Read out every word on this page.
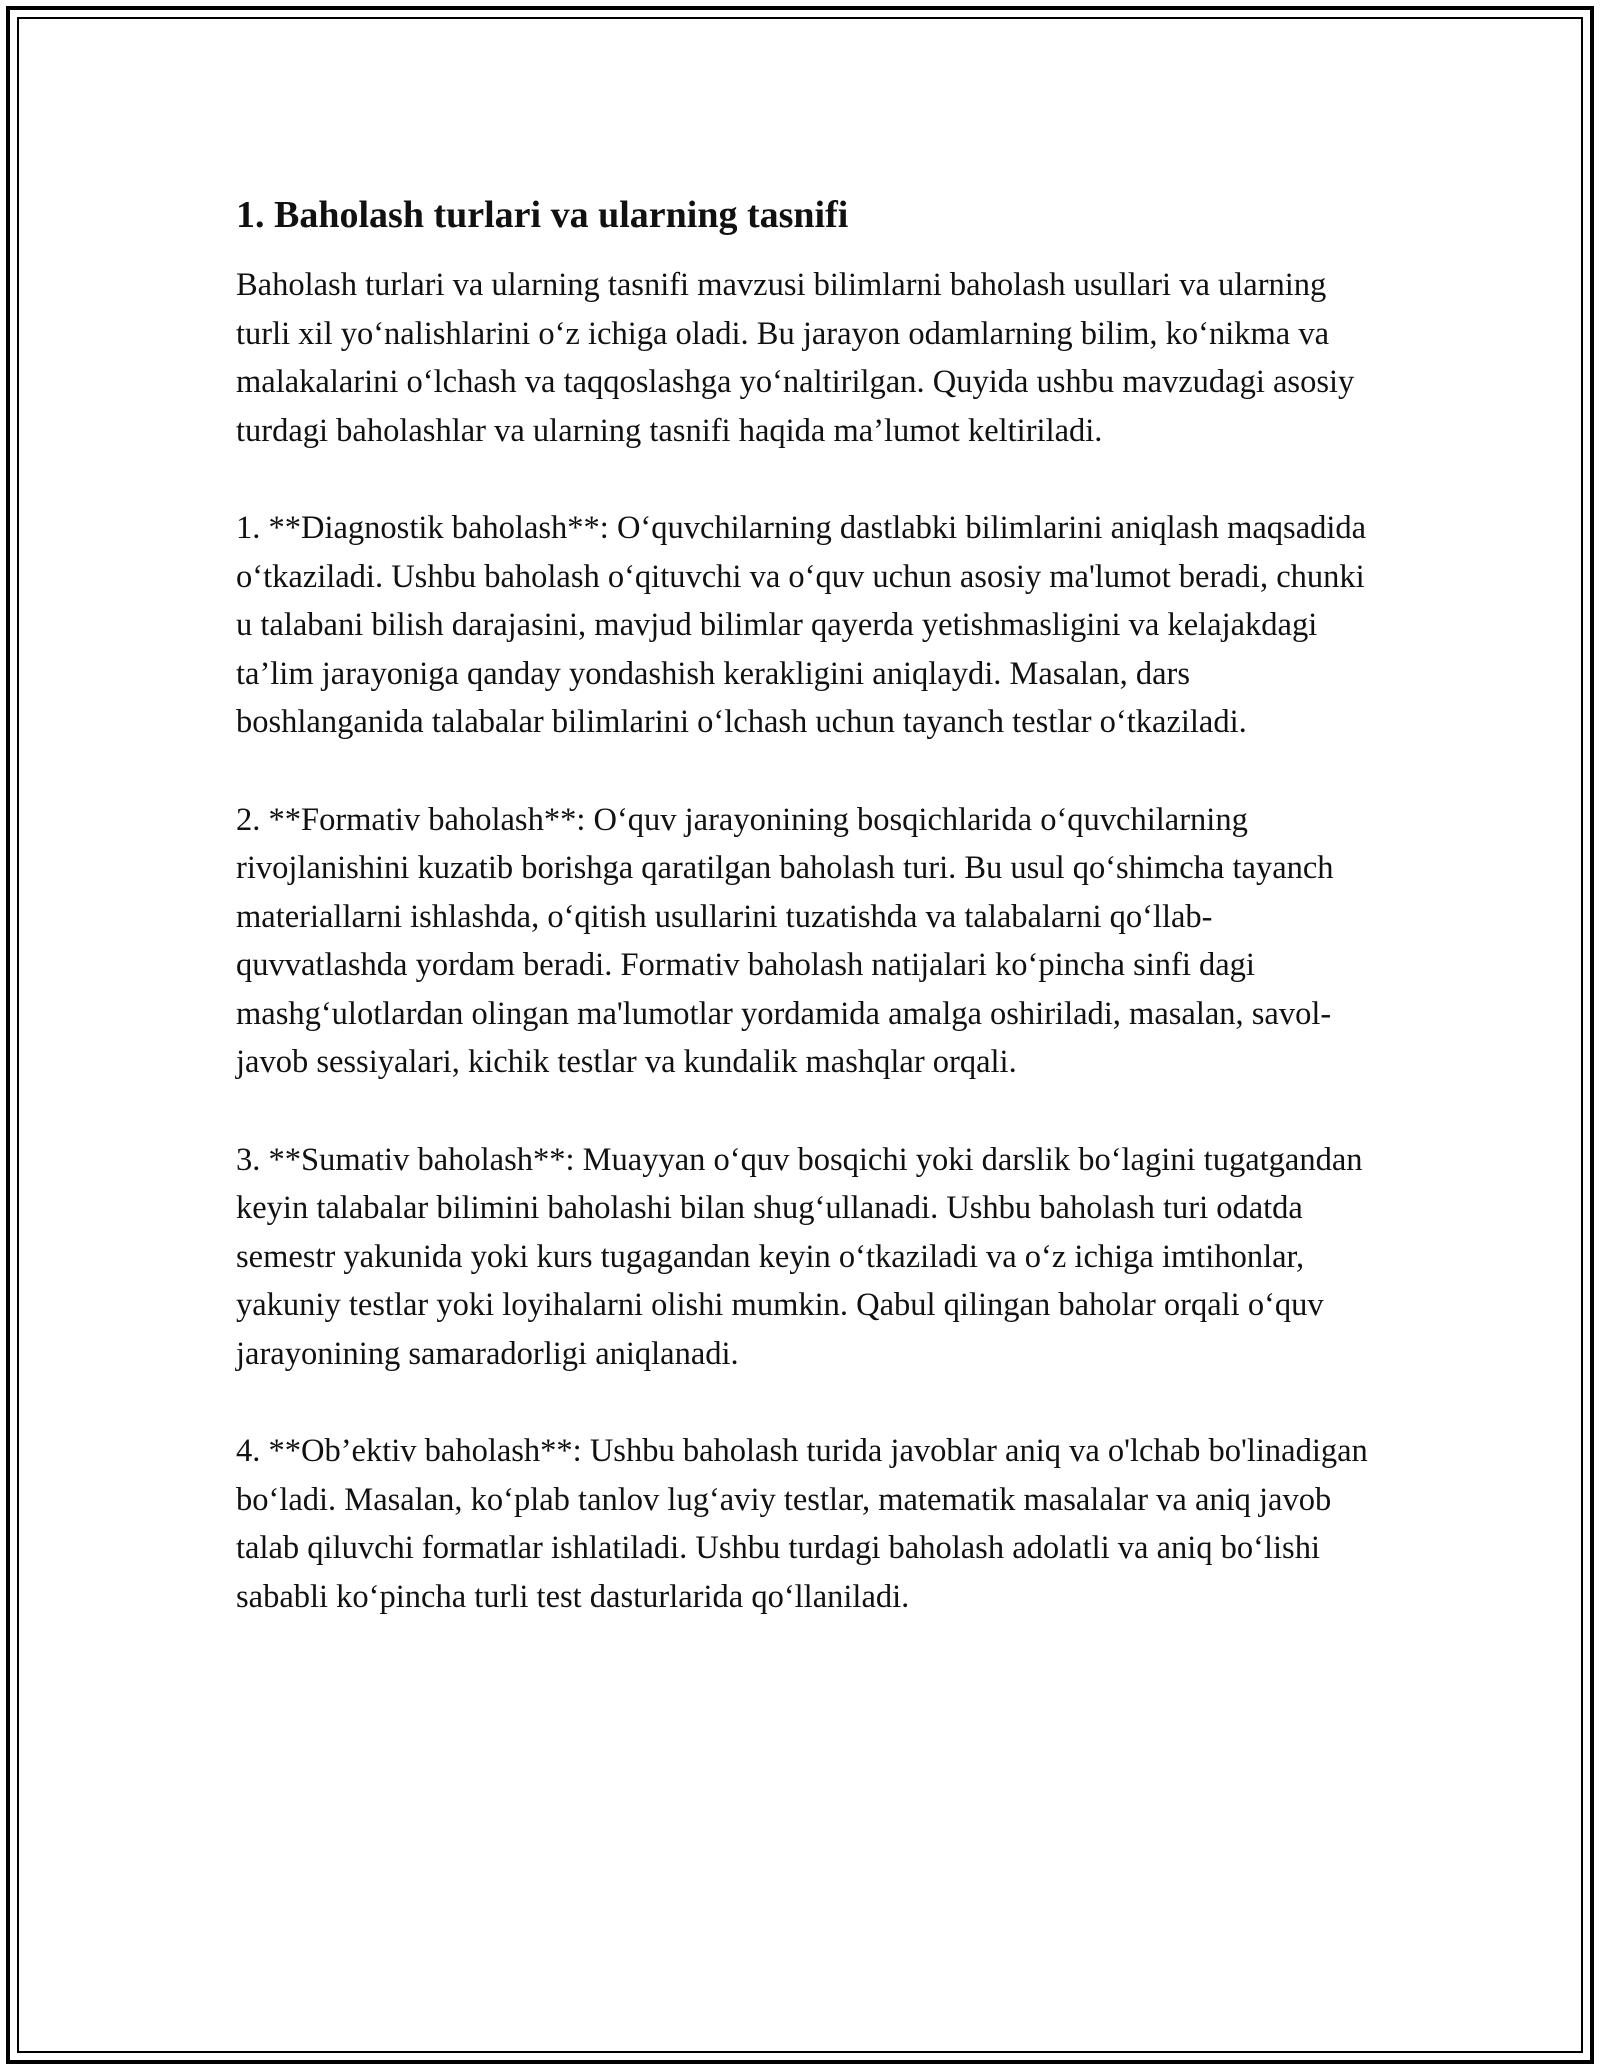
1. Baholash turlari va ularning tasnifi

Baholash turlari va ularning tasnifi mavzusi bilimlarni baholash usullari va ularning turli xil yo‘nalishlarini o‘z ichiga oladi. Bu jarayon odamlarning bilim, ko‘nikma va malakalarini o‘lchash va taqqoslashga yo‘naltirilgan. Quyida ushbu mavzudagi asosiy turdagi baholashlar va ularning tasnifi haqida ma’lumot keltiriladi.

1. **Diagnostik baholash**: O‘quvchilarning dastlabki bilimlarini aniqlash maqsadida o‘tkaziladi. Ushbu baholash o‘qituvchi va o‘quv uchun asosiy ma'lumot beradi, chunki u talabani bilish darajasini, mavjud bilimlar qayerda yetishmasligini va kelajakdagi ta’lim jarayoniga qanday yondashish kerakligini aniqlaydi. Masalan, dars boshlanganida talabalar bilimlarini o‘lchash uchun tayanch testlar o‘tkaziladi.

2. **Formativ baholash**: O‘quv jarayonining bosqichlarida o‘quvchilarning rivojlanishini kuzatib borishga qaratilgan baholash turi. Bu usul qo‘shimcha tayanch materiallarni ishlashda, o‘qitish usullarini tuzatishda va talabalarni qo‘llab-quvvatlashda yordam beradi. Formativ baholash natijalari ko‘pincha sinfi dagi mashg‘ulotlardan olingan ma'lumotlar yordamida amalga oshiriladi, masalan, savol-javob sessiyalari, kichik testlar va kundalik mashqlar orqali.

3. **Sumativ baholash**: Muayyan o‘quv bosqichi yoki darslik bo‘lagini tugatgandan keyin talabalar bilimini baholashi bilan shug‘ullanadi. Ushbu baholash turi odatda semestr yakunida yoki kurs tugagandan keyin o‘tkaziladi va o‘z ichiga imtihonlar, yakuniy testlar yoki loyihalarni olishi mumkin. Qabul qilingan baholar orqali o‘quv jarayonining samaradorligi aniqlanadi.

4. **Ob’ektiv baholash**: Ushbu baholash turida javoblar aniq va o'lchab bo'linadigan bo‘ladi. Masalan, ko‘plab tanlov lug‘aviy testlar, matematik masalalar va aniq javob talab qiluvchi formatlar ishlatiladi. Ushbu turdagi baholash adolatli va aniq bo‘lishi sababli ko‘pincha turli test dasturlarida qo‘llaniladi.
